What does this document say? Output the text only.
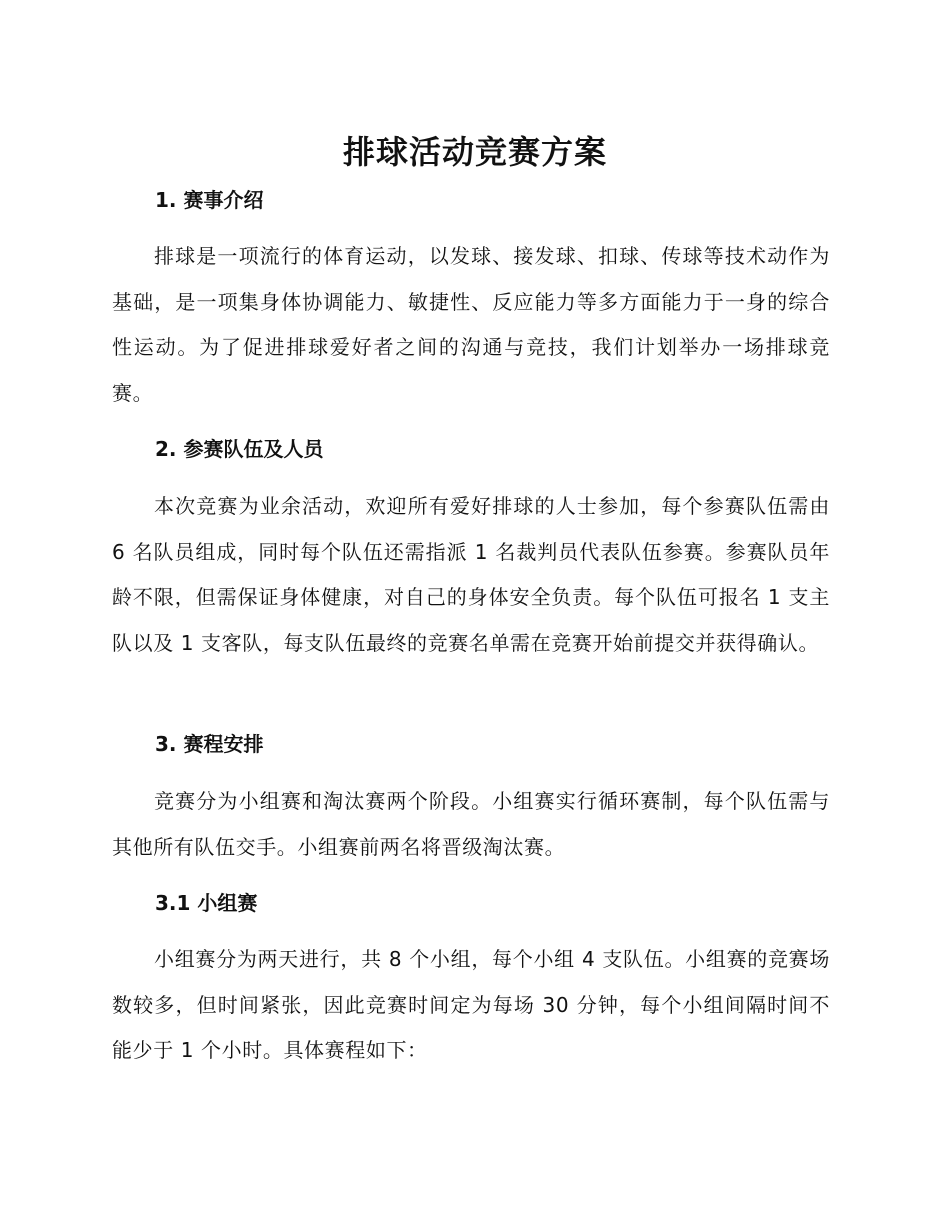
排球活动竞赛方案
1. 赛事介绍
排球是一项流行的体育运动，以发球、接发球、扣球、传球等技术动作为基础，是一项集身体协调能力、敏捷性、反应能力等多方面能力于一身的综合性运动。为了促进排球爱好者之间的沟通与竞技，我们计划举办一场排球竞赛。
2. 参赛队伍及人员
本次竞赛为业余活动，欢迎所有爱好排球的人士参加，每个参赛队伍需由 6 名队员组成，同时每个队伍还需指派 1 名裁判员代表队伍参赛。参赛队员年龄不限，但需保证身体健康，对自己的身体安全负责。每个队伍可报名 1 支主队以及 1 支客队，每支队伍最终的竞赛名单需在竞赛开始前提交并获得确认。
3. 赛程安排
竞赛分为小组赛和淘汰赛两个阶段。小组赛实行循环赛制，每个队伍需与其他所有队伍交手。小组赛前两名将晋级淘汰赛。
3.1 小组赛
小组赛分为两天进行，共 8 个小组，每个小组 4 支队伍。小组赛的竞赛场数较多，但时间紧张，因此竞赛时间定为每场 30 分钟，每个小组间隔时间不能少于 1 个小时。具体赛程如下：
